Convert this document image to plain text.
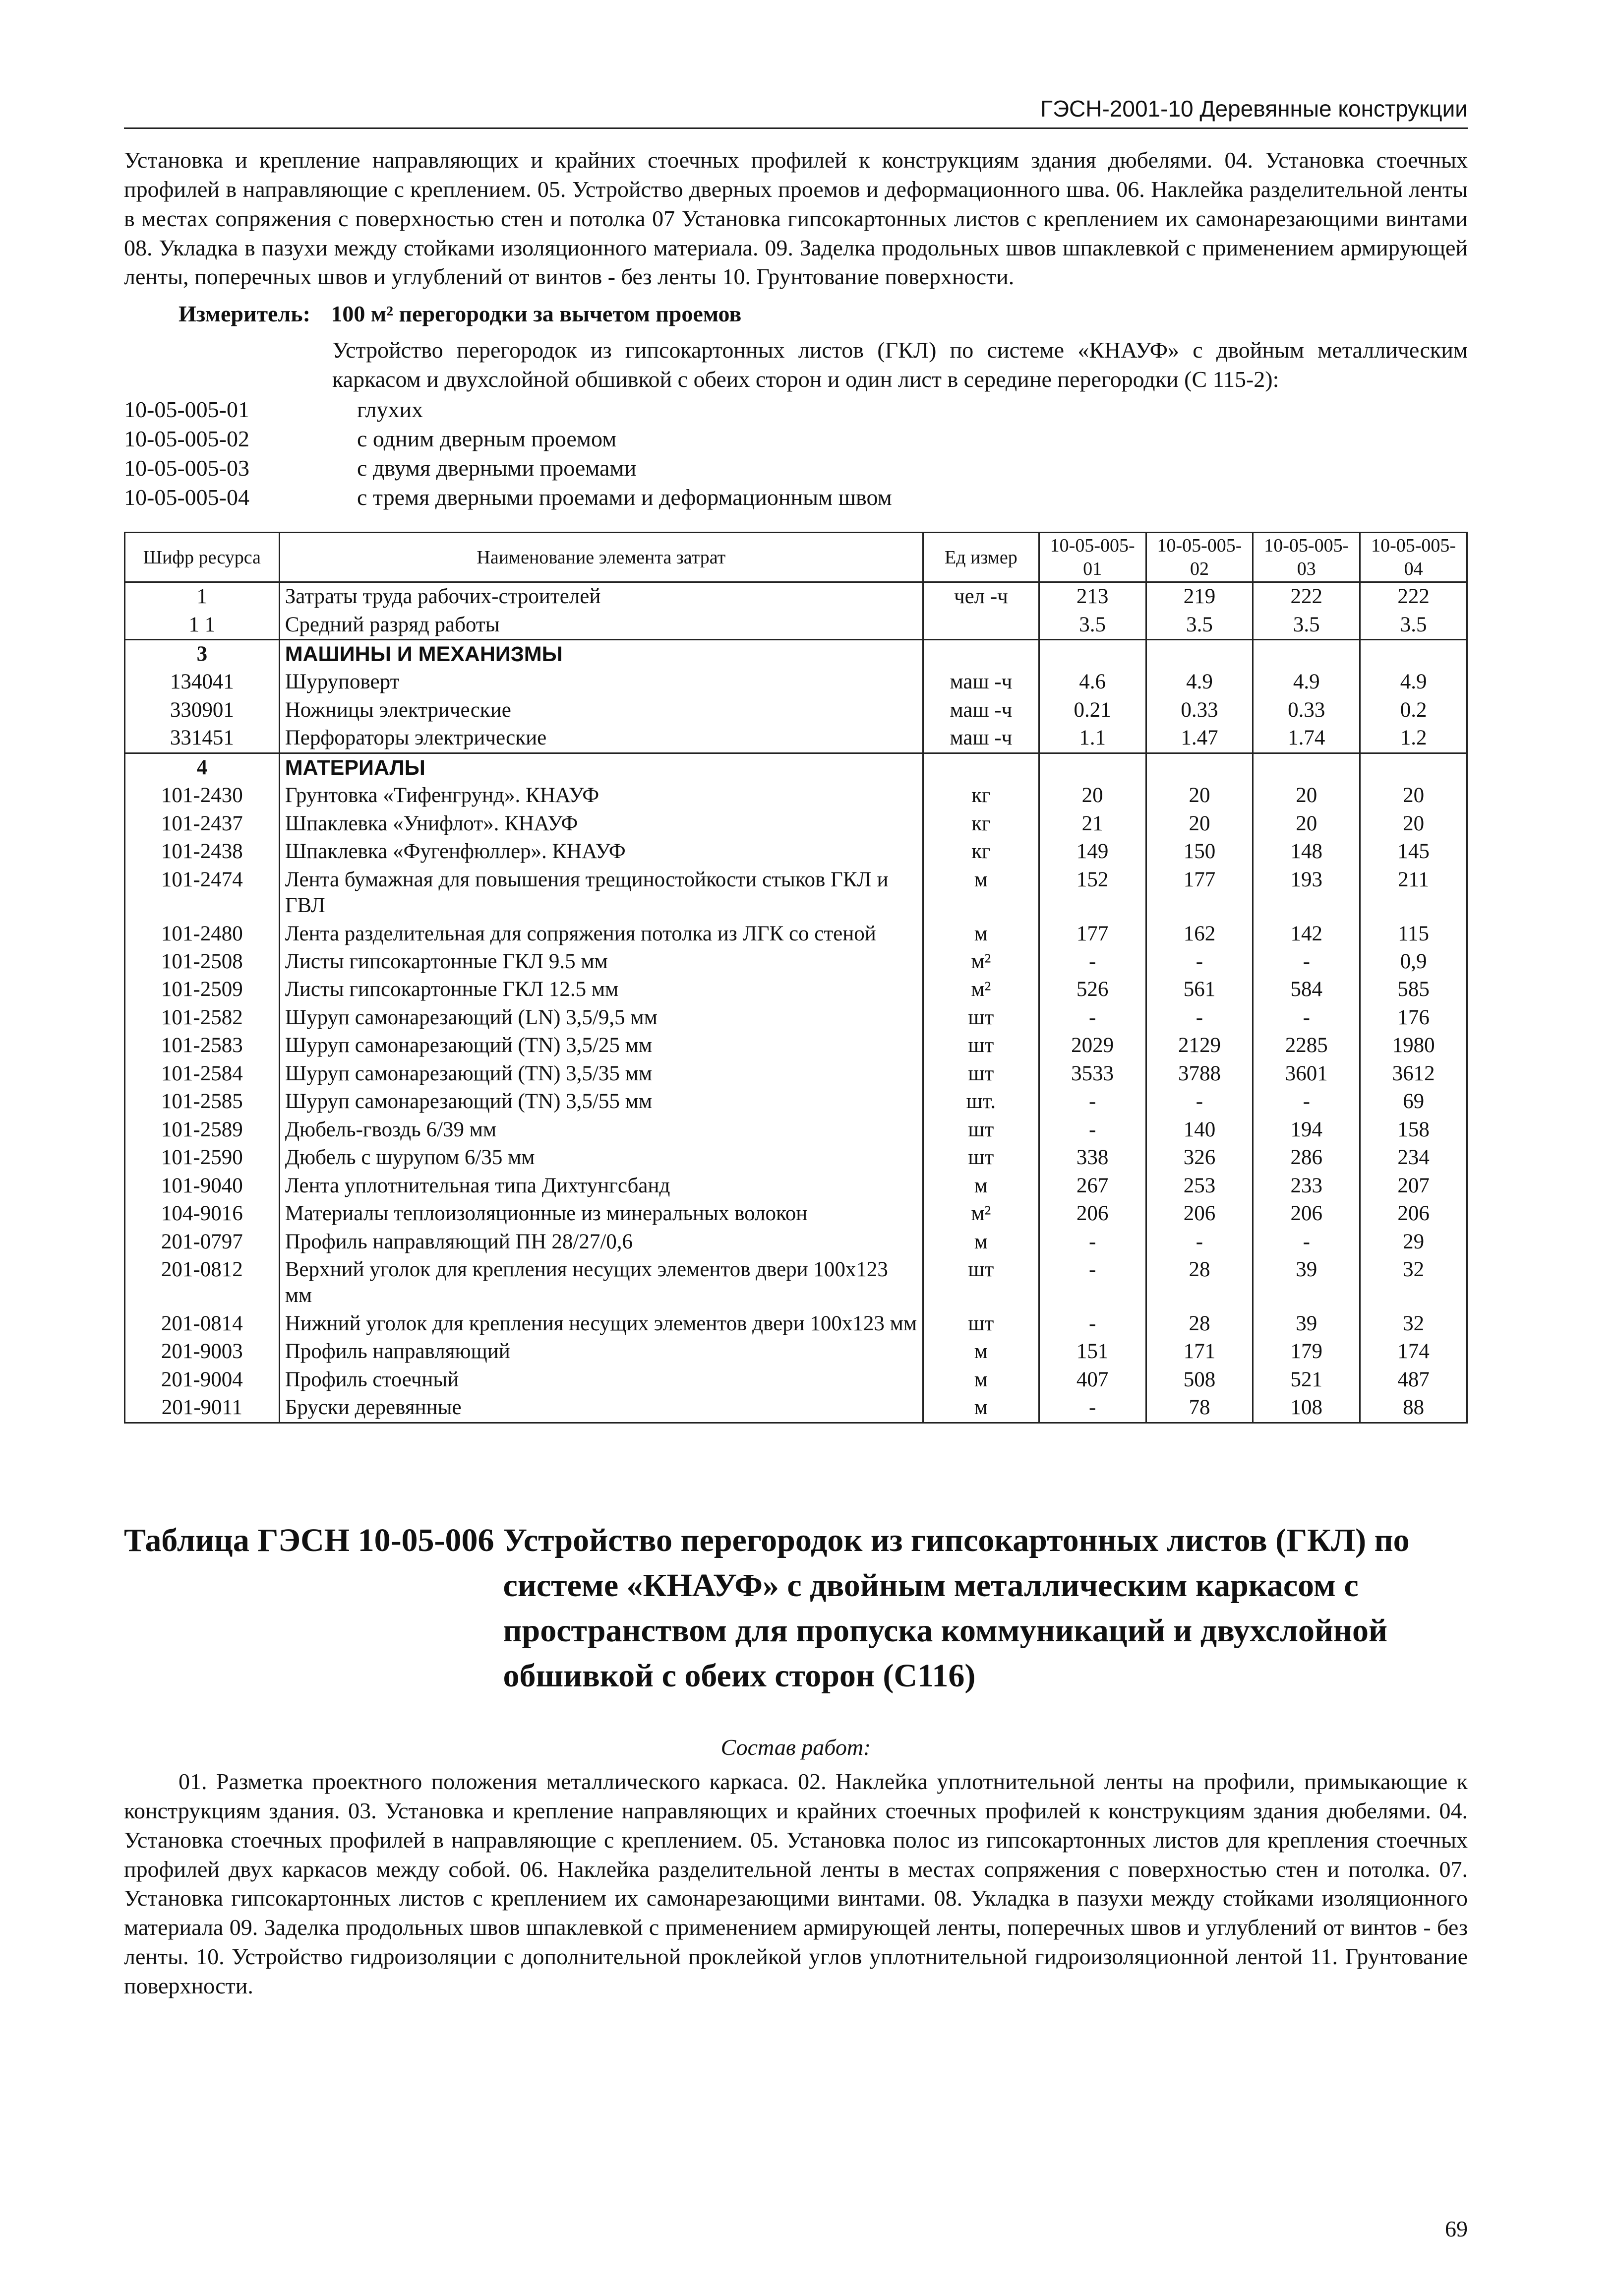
ГЭСН-2001-10 Деревянные конструкции

Установка и крепление направляющих и крайних стоечных профилей к конструкциям здания дюбелями. 04. Установка стоечных профилей в направляющие с креплением. 05. Устройство дверных проемов и деформационного шва. 06. Наклейка разделительной ленты в местах сопряжения с поверхностью стен и потолка 07 Установка гипсокартонных листов с креплением их самонарезающими винтами 08. Укладка в пазухи между стойками изоляционного материала. 09. Заделка продольных швов шпаклевкой с применением армирующей ленты, поперечных швов и углублений от винтов - без ленты 10. Грунтование поверхности.

Измеритель: 100 м² перегородки за вычетом проемов
Устройство перегородок из гипсокартонных листов (ГКЛ) по системе «КНАУФ» с двойным металлическим каркасом и двухслойной обшивкой с обеих сторон и один лист в середине перегородки (С 115-2):
10-05-005-01	глухих
10-05-005-02	с одним дверным проемом
10-05-005-03	с двумя дверными проемами
10-05-005-04	с тремя дверными проемами и деформационным швом
Шифр ресурса	Наименование элемента затрат	Ед измер	10-05-005-01	10-05-005-02	10-05-005-03	10-05-005-04
1	Затраты труда рабочих-строителей	чел -ч	213	219	222	222
1 1	Средний разряд работы		3.5	3.5	3.5	3.5
3	МАШИНЫ И МЕХАНИЗМЫ					
134041	Шуруповерт	маш -ч	4.6	4.9	4.9	4.9
330901	Ножницы электрические	маш -ч	0.21	0.33	0.33	0.2
331451	Перфораторы электрические	маш -ч	1.1	1.47	1.74	1.2
4	МАТЕРИАЛЫ					
101-2430	Грунтовка «Тифенгрунд». КНАУФ	кг	20	20	20	20
101-2437	Шпаклевка «Унифлот». КНАУФ	кг	21	20	20	20
101-2438	Шпаклевка «Фугенфюллер». КНАУФ	кг	149	150	148	145
101-2474	Лента бумажная для повышения трещиностойкости стыков ГКЛ и ГВЛ	м	152	177	193	211
101-2480	Лента разделительная для сопряжения потолка из ЛГК со стеной	м	177	162	142	115
101-2508	Листы гипсокартонные ГКЛ 9.5 мм	м²	-	-	-	0,9
101-2509	Листы гипсокартонные ГКЛ 12.5 мм	м²	526	561	584	585
101-2582	Шуруп самонарезающий (LN) 3,5/9,5 мм	шт	-	-	-	176
101-2583	Шуруп самонарезающий (TN) 3,5/25 мм	шт	2029	2129	2285	1980
101-2584	Шуруп самонарезающий (TN) 3,5/35 мм	шт	3533	3788	3601	3612
101-2585	Шуруп самонарезающий (TN) 3,5/55 мм	шт.	-	-	-	69
101-2589	Дюбель-гвоздь 6/39 мм	шт	-	140	194	158
101-2590	Дюбель с шурупом 6/35 мм	шт	338	326	286	234
101-9040	Лента уплотнительная типа Дихтунгсбанд	м	267	253	233	207
104-9016	Материалы теплоизоляционные из минеральных волокон	м²	206	206	206	206
201-0797	Профиль направляющий ПН 28/27/0,6	м	-	-	-	29
201-0812	Верхний уголок для крепления несущих элементов двери 100x123 мм	шт	-	28	39	32
201-0814	Нижний уголок для крепления несущих элементов двери 100x123 мм	шт	-	28	39	32
201-9003	Профиль направляющий	м	151	171	179	174
201-9004	Профиль стоечный	м	407	508	521	487
201-9011	Бруски деревянные	м	-	78	108	88
Таблица ГЭСН 10-05-006 Устройство перегородок из гипсокартонных листов (ГКЛ) по системе «КНАУФ» с двойным металлическим каркасом с пространством для пропуска коммуникаций и двухслойной обшивкой с обеих сторон (С116)
Состав работ:

01. Разметка проектного положения металлического каркаса. 02. Наклейка уплотнительной ленты на профили, примыкающие к конструкциям здания. 03. Установка и крепление направляющих и крайних стоечных профилей к конструкциям здания дюбелями. 04. Установка стоечных профилей в направляющие с креплением. 05. Установка полос из гипсокартонных листов для крепления стоечных профилей двух каркасов между собой. 06. Наклейка разделительной ленты в местах сопряжения с поверхностью стен и потолка. 07. Установка гипсокартонных листов с креплением их самонарезающими винтами. 08. Укладка в пазухи между стойками изоляционного материала 09. Заделка продольных швов шпаклевкой с применением армирующей ленты, поперечных швов и углублений от винтов - без ленты. 10. Устройство гидроизоляции с дополнительной проклейкой углов уплотнительной гидроизоляционной лентой 11. Грунтование поверхности.

69
